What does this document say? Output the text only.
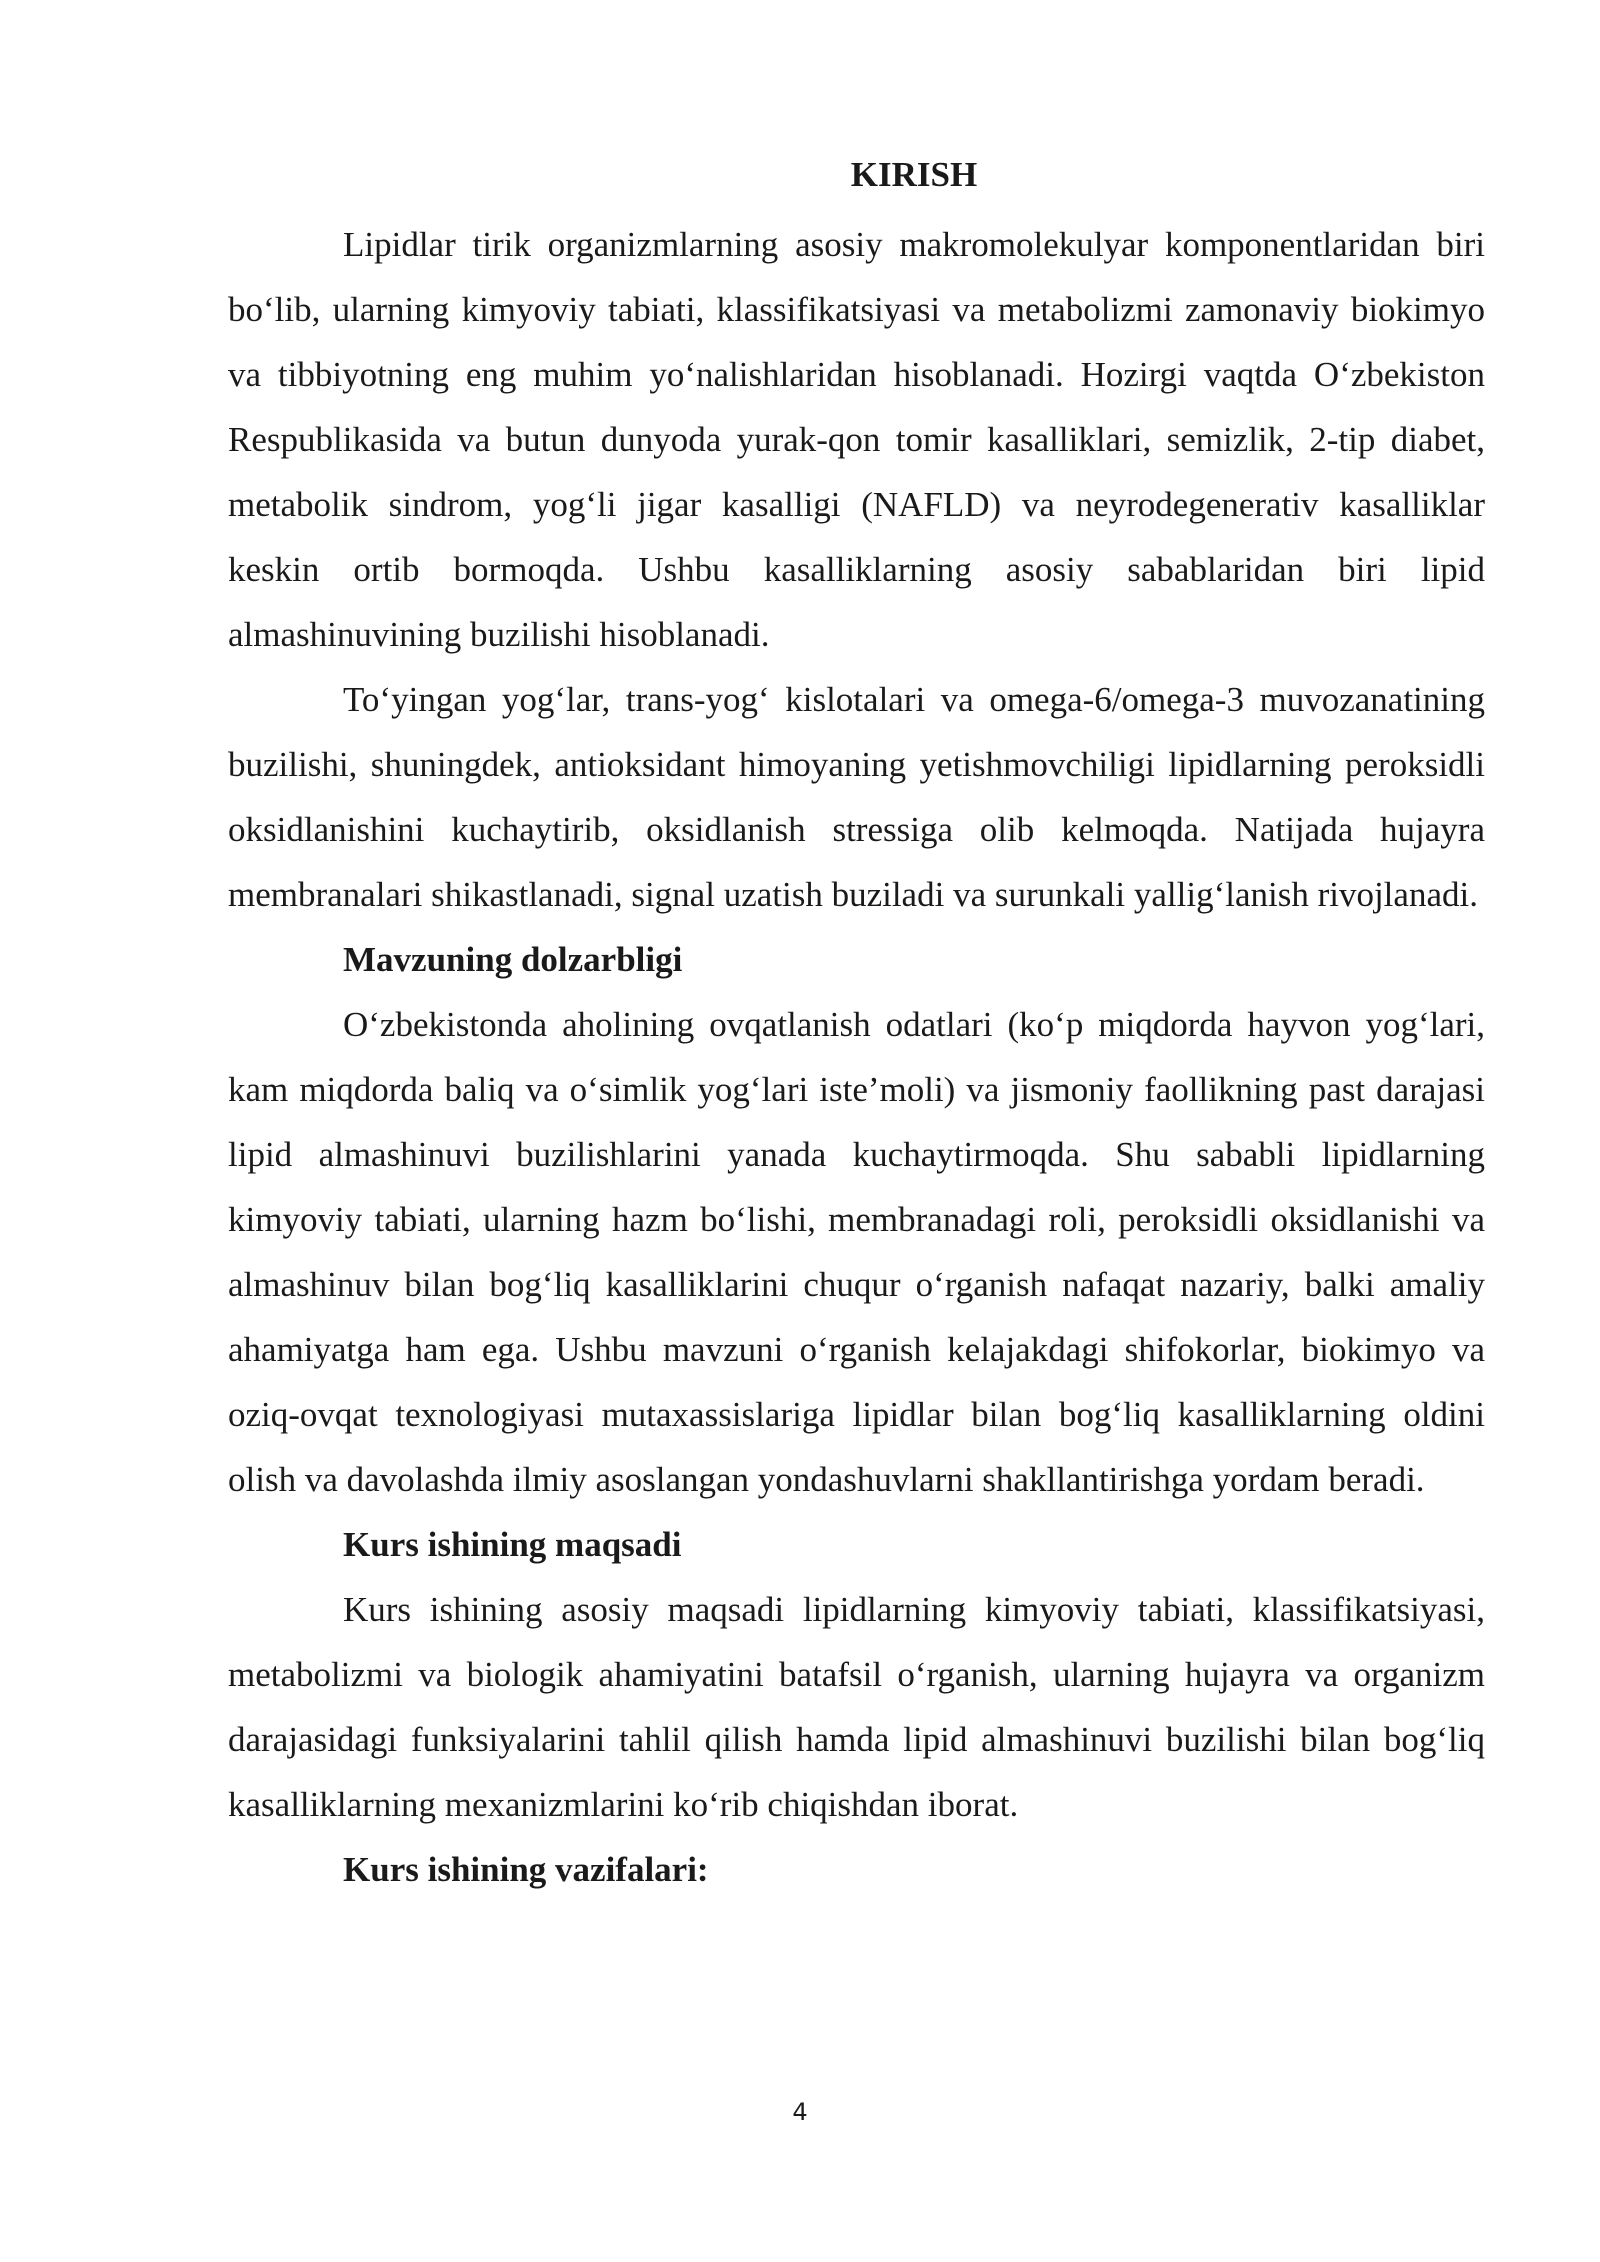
KIRISH

Lipidlar tirik organizmlarning asosiy makromolekulyar komponentlaridan biri bo‘lib, ularning kimyoviy tabiati, klassifikatsiyasi va metabolizmi zamonaviy biokimyo va tibbiyotning eng muhim yo‘nalishlaridan hisoblanadi. Hozirgi vaqtda O‘zbekiston Respublikasida va butun dunyoda yurak-qon tomir kasalliklari, semizlik, 2-tip diabet, metabolik sindrom, yog‘li jigar kasalligi (NAFLD) va neyrodegenerativ kasalliklar keskin ortib bormoqda. Ushbu kasalliklarning asosiy sabablaridan biri lipid almashinuvining buzilishi hisoblanadi.

To‘yingan yog‘lar, trans-yog‘ kislotalari va omega-6/omega-3 muvozanatining buzilishi, shuningdek, antioksidant himoyaning yetishmovchiligi lipidlarning peroksidli oksidlanishini kuchaytirib, oksidlanish stressiga olib kelmoqda. Natijada hujayra membranalari shikastlanadi, signal uzatish buziladi va surunkali yallig‘lanish rivojlanadi.

Mavzuning dolzarbligi

O‘zbekistonda aholining ovqatlanish odatlari (ko‘p miqdorda hayvon yog‘lari, kam miqdorda baliq va o‘simlik yog‘lari iste’moli) va jismoniy faollikning past darajasi lipid almashinuvi buzilishlarini yanada kuchaytirmoqda. Shu sababli lipidlarning kimyoviy tabiati, ularning hazm bo‘lishi, membranadagi roli, peroksidli oksidlanishi va almashinuv bilan bog‘liq kasalliklarini chuqur o‘rganish nafaqat nazariy, balki amaliy ahamiyatga ham ega. Ushbu mavzuni o‘rganish kelajakdagi shifokorlar, biokimyo va oziq-ovqat texnologiyasi mutaxassislariga lipidlar bilan bog‘liq kasalliklarning oldini olish va davolashda ilmiy asoslangan yondashuvlarni shakllantirishga yordam beradi.

Kurs ishining maqsadi

Kurs ishining asosiy maqsadi lipidlarning kimyoviy tabiati, klassifikatsiyasi, metabolizmi va biologik ahamiyatini batafsil o‘rganish, ularning hujayra va organizm darajasidagi funksiyalarini tahlil qilish hamda lipid almashinuvi buzilishi bilan bog‘liq kasalliklarning mexanizmlarini ko‘rib chiqishdan iborat.

Kurs ishining vazifalari:
4
